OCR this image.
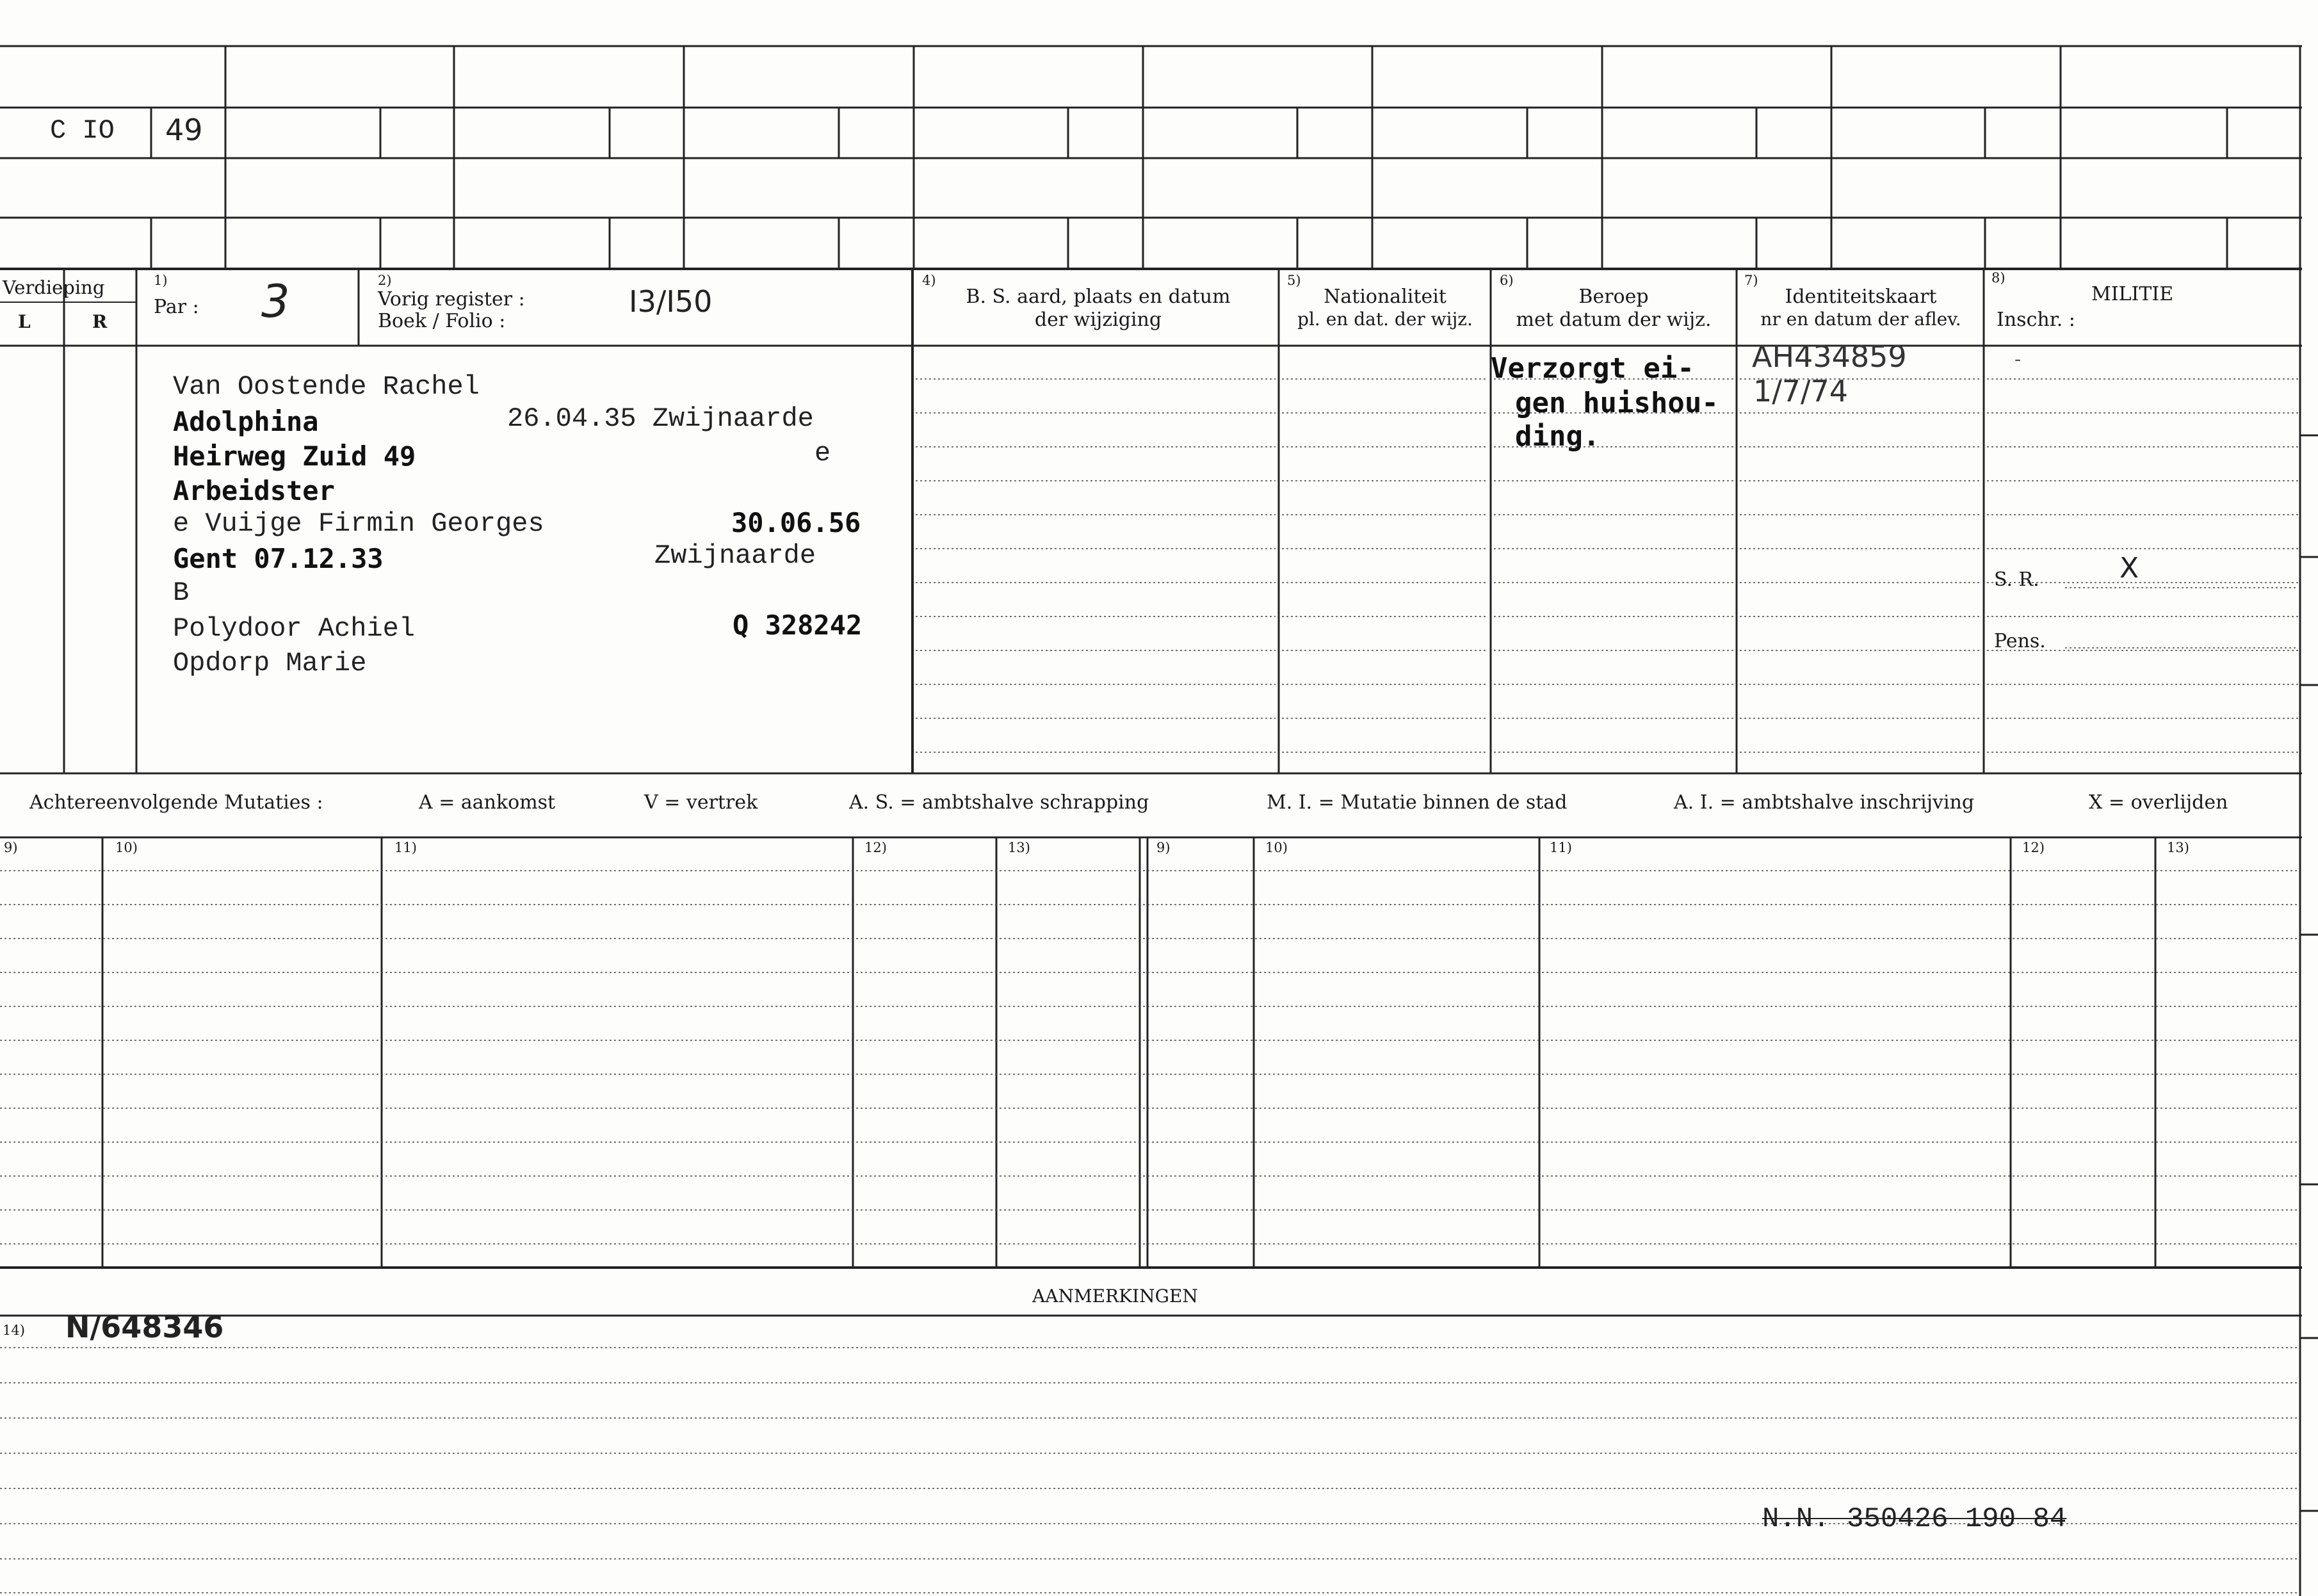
C IO 49
Verdieping
L	R
1)
Par : 3	2)
Vorig register :
Boek / Folio :
I3/I50
4)
B. S. aard, plaats en datum
der wijziging
5)
Nationaliteit
pl. en dat. der wijz.
6)
Beroep
met datum der wijz.
7)
Identiteitskaart
nr en datum der aflev.
8)
MILITIE
Inschr. :
-
S. R.	X
Pens.
Van Oostende Rachel
Adolphina	26.04.35 Zwijnaarde
Heirweg Zuid 49	e
Arbeidster
e Vuijge Firmin Georges	30.06.56
Gent 07.12.33	Zwijnaarde
B
Polydoor Achiel	Q 328242
Opdorp Marie
Verzorgt ei-
gen huishou-
ding.
AH434859
1/7/74
Achtereenvolgende Mutaties :	A = aankomst	V = vertrek	A. S. = ambtshalve schrapping	M. I. = Mutatie binnen de stad	A. I. = ambtshalve inschrijving	X = overlijden
9)	10)	11)	12)	13)	9)	10)	11)	12)	13)
AANMERKINGEN
14) N/648346
N.N. 350426 190 84
